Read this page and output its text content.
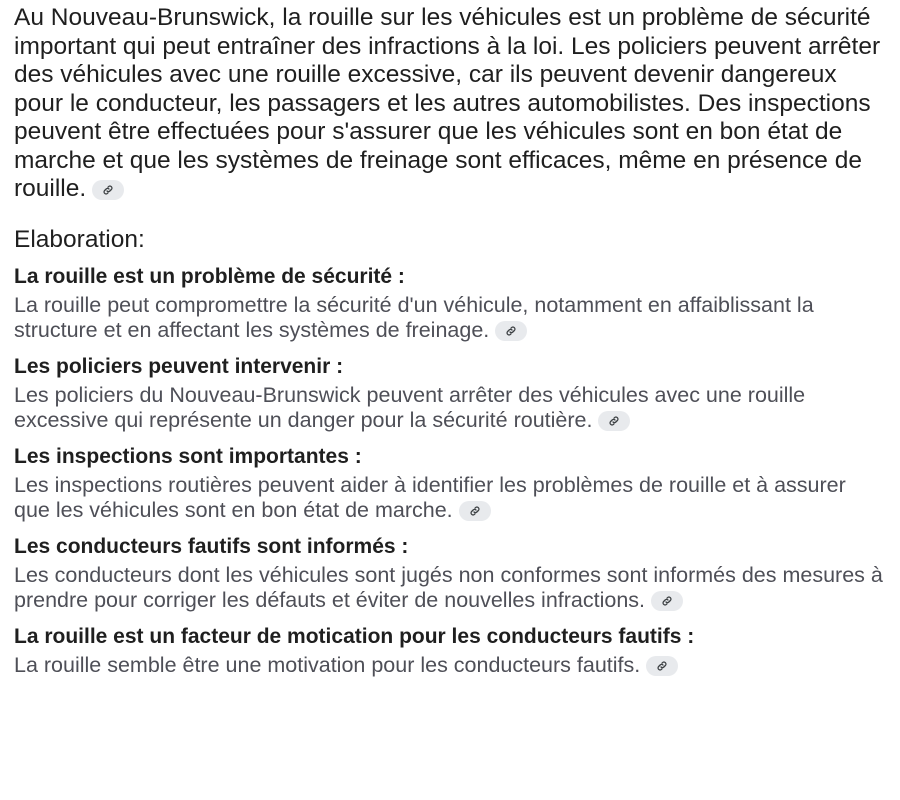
Au Nouveau-Brunswick, la rouille sur les véhicules est un problème de sécurité important qui peut entraîner des infractions à la loi. Les policiers peuvent arrêter des véhicules avec une rouille excessive, car ils peuvent devenir dangereux pour le conducteur, les passagers et les autres automobilistes. Des inspections peuvent être effectuées pour s'assurer que les véhicules sont en bon état de marche et que les systèmes de freinage sont efficaces, même en présence de rouille.

Elaboration:

La rouille est un problème de sécurité :

La rouille peut compromettre la sécurité d'un véhicule, notamment en affaiblissant la structure et en affectant les systèmes de freinage.

Les policiers peuvent intervenir :

Les policiers du Nouveau-Brunswick peuvent arrêter des véhicules avec une rouille excessive qui représente un danger pour la sécurité routière.

Les inspections sont importantes :

Les inspections routières peuvent aider à identifier les problèmes de rouille et à assurer que les véhicules sont en bon état de marche.

Les conducteurs fautifs sont informés :

Les conducteurs dont les véhicules sont jugés non conformes sont informés des mesures à prendre pour corriger les défauts et éviter de nouvelles infractions.

La rouille est un facteur de motication pour les conducteurs fautifs :

La rouille semble être une motivation pour les conducteurs fautifs.
